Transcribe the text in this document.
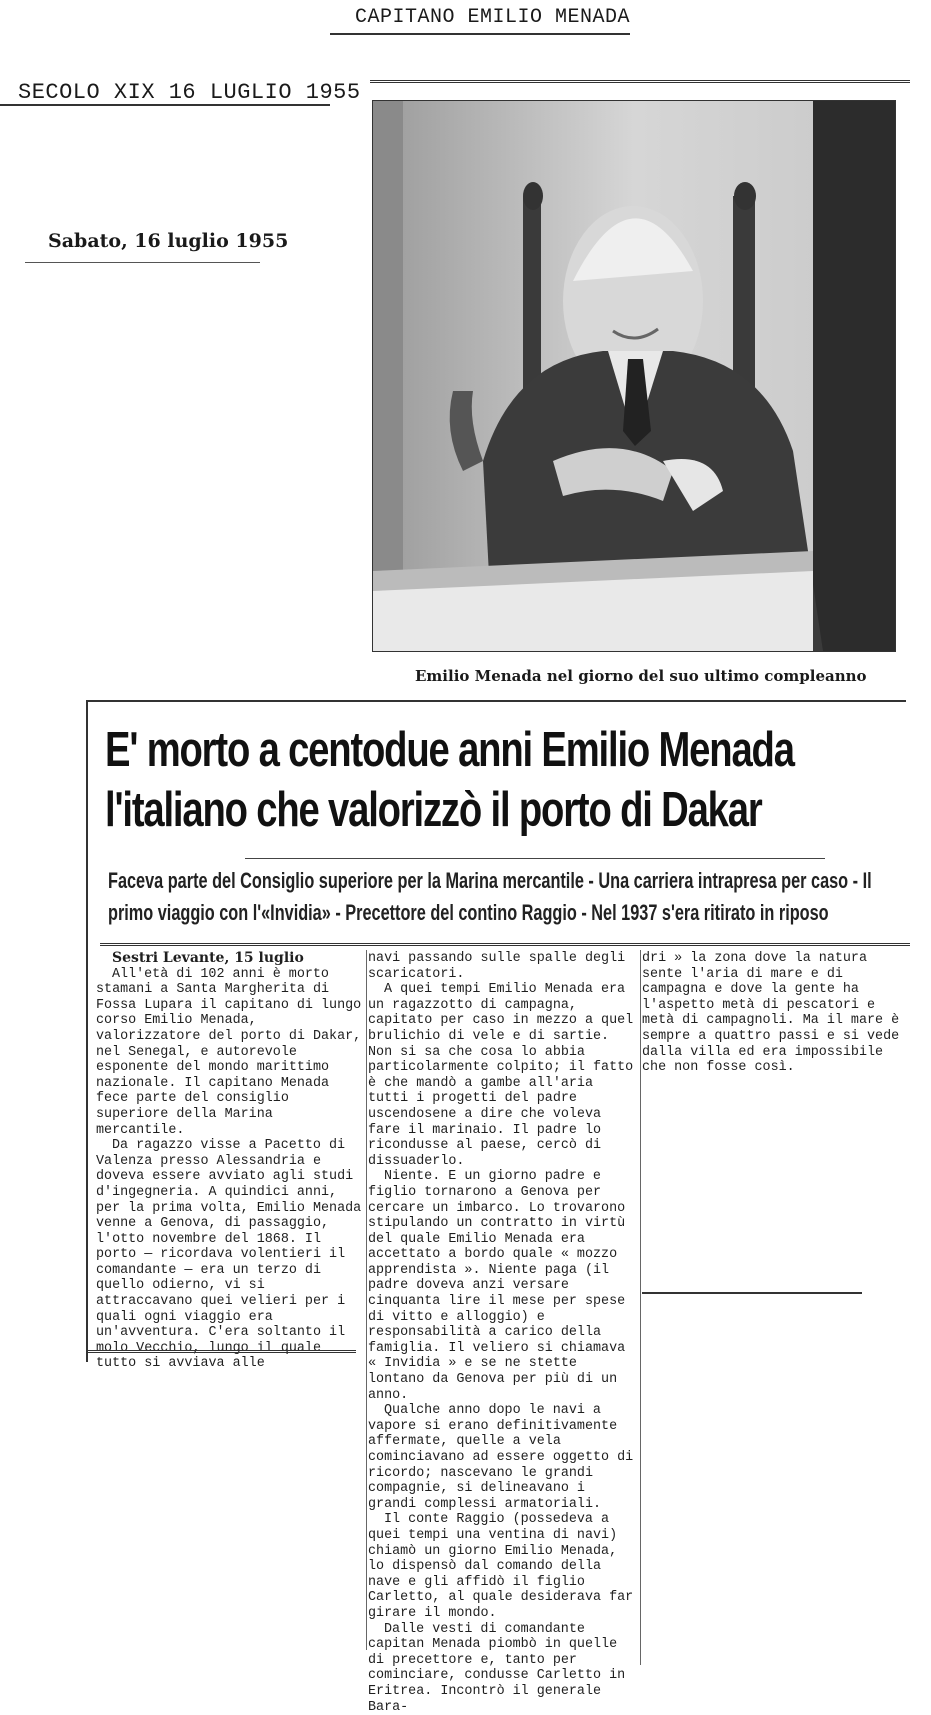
CAPITANO EMILIO MENADA
SECOLO XIX 16 LUGLIO 1955
Sabato, 16 luglio 1955
Emilio Menada nel giorno del suo ultimo compleanno
E' morto a centodue anni Emilio Menada
l'italiano che valorizzò il porto di Dakar
Faceva parte del Consiglio superiore per la Marina mercantile - Una carriera intrapresa per caso - Il
primo viaggio con l'«Invidia» - Precettore del contino Raggio - Nel 1937 s'era ritirato in riposo

Sestri Levante, 15 luglio

All'età di 102 anni è morto stamani a Santa Margherita di Fossa Lupara il capitano di lungo corso Emilio Menada, valorizzatore del porto di Dakar, nel Senegal, e autorevole esponente del mondo marittimo nazionale. Il capitano Menada fece parte del consiglio superiore della Marina mercantile.

Da ragazzo visse a Pacetto di Valenza presso Alessandria e doveva essere avviato agli studi d'ingegneria. A quindici anni, per la prima volta, Emilio Menada venne a Genova, di passaggio, l'otto novembre del 1868. Il porto — ricordava volentieri il comandante — era un terzo di quello odierno, vi si attraccavano quei velieri per i quali ogni viaggio era un'avventura. C'era soltanto il molo Vecchio, lungo il quale tutto si avviava alle

navi passando sulle spalle degli scaricatori.

A quei tempi Emilio Menada era un ragazzotto di campagna, capitato per caso in mezzo a quel brulichio di vele e di sartie. Non si sa che cosa lo abbia particolarmente colpito; il fatto è che mandò a gambe all'aria tutti i progetti del padre uscendosene a dire che voleva fare il marinaio. Il padre lo ricondusse al paese, cercò di dissuaderlo.

Niente. E un giorno padre e figlio tornarono a Genova per cercare un imbarco. Lo trovarono stipulando un contratto in virtù del quale Emilio Menada era accettato a bordo quale « mozzo apprendista ». Niente paga (il padre doveva anzi versare cinquanta lire il mese per spese di vitto e alloggio) e responsabilità a carico della famiglia. Il veliero si chiamava « Invidia » e se ne stette lontano da Genova per più di un anno.

Qualche anno dopo le navi a vapore si erano definitivamente affermate, quelle a vela cominciavano ad essere oggetto di ricordo; nascevano le grandi compagnie, si delineavano i grandi complessi armatoriali.

Il conte Raggio (possedeva a quei tempi una ventina di navi) chiamò un giorno Emilio Menada, lo dispensò dal comando della nave e gli affidò il figlio Carletto, al quale desiderava far girare il mondo.

Dalle vesti di comandante capitan Menada piombò in quelle di precettore e, tanto per cominciare, condusse Carletto in Eritrea. Incontrò il generale Bara-

dri » la zona dove la natura sente l'aria di mare e di campagna e dove la gente ha l'aspetto metà di pescatori e metà di campagnoli. Ma il mare è sempre a quattro passi e si vede dalla villa ed era impossibile che non fosse così.
